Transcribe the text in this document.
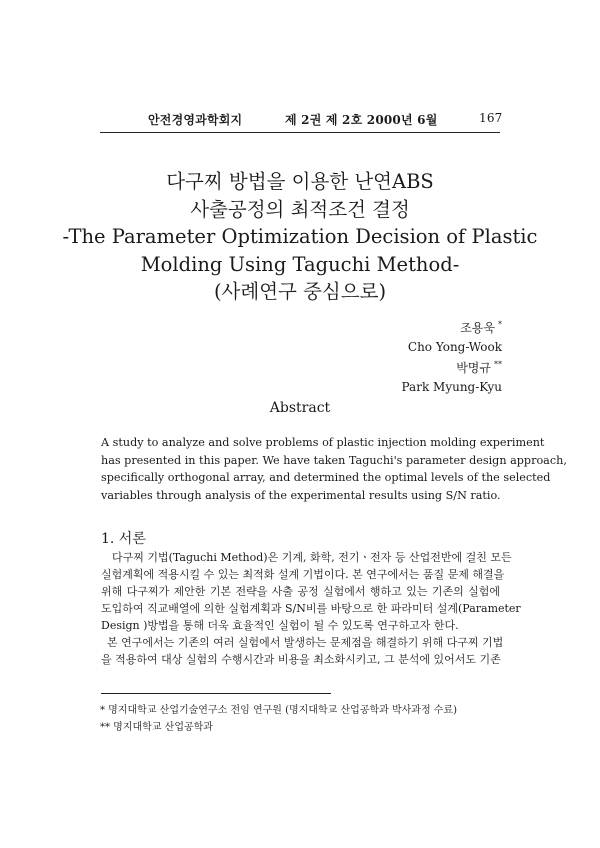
안전경영과학회지	제 2권 제 2호 2000년 6월	167
다구찌 방법을 이용한 난연ABS
사출공정의 최적조건 결정
-The Parameter Optimization Decision of Plastic
Molding Using Taguchi Method-
(사례연구 중심으로)
조용욱 *
Cho Yong-Wook
박명규 **
Park Myung-Kyu
Abstract
A study to analyze and solve problems of plastic injection molding experiment
has presented in this paper. We have taken Taguchi's parameter design approach,
specifically orthogonal array, and determined the optimal levels of the selected
variables through analysis of the experimental results using S/N ratio.
1. 서론
다구찌 기법(Taguchi Method)은 기계, 화학, 전기ㆍ전자 등 산업전반에 걸친 모든
실험계획에 적용시킬 수 있는 최적화 설계 기법이다. 본 연구에서는 품질 문제 해결을
위해 다구찌가 제안한 기본 전략을 사출 공정 실험에서 행하고 있는 기존의 실험에
도입하여 직교배열에 의한 실험계획과 S/N비를 바탕으로 한 파라미터 설계(Parameter
Design )방법을 통해 더욱 효율적인 실험이 될 수 있도록 연구하고자 한다.
본 연구에서는 기존의 여러 실험에서 발생하는 문제점을 해결하기 위해 다구찌 기법
을 적용하여 대상 실험의 수행시간과 비용을 최소화시키고, 그 분석에 있어서도 기존
* 명지대학교 산업기술연구소 전임 연구원 (명지대학교 산업공학과 박사과정 수료)
** 명지대학교 산업공학과
